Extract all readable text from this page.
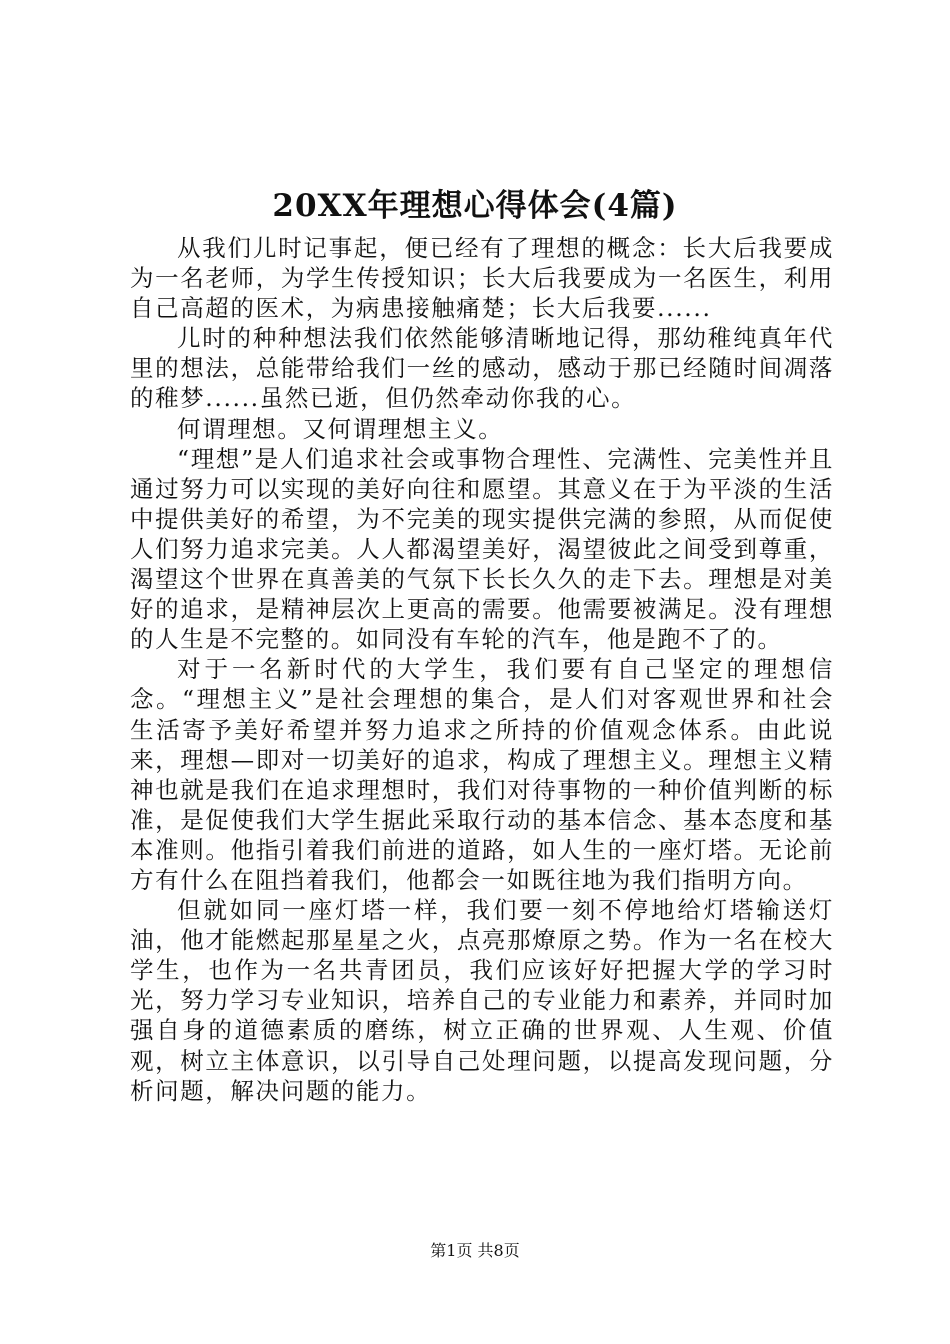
20XX年理想心得体会(4篇)

从我们儿时记事起，便已经有了理想的概念：长大后我要成为一名老师，为学生传授知识；长大后我要成为一名医生，利用自己高超的医术，为病患接触痛楚；长大后我要......

儿时的种种想法我们依然能够清晰地记得，那幼稚纯真年代里的想法，总能带给我们一丝的感动，感动于那已经随时间凋落的稚梦......虽然已逝，但仍然牵动你我的心。

何谓理想。又何谓理想主义。

“理想”是人们追求社会或事物合理性、完满性、完美性并且通过努力可以实现的美好向往和愿望。其意义在于为平淡的生活中提供美好的希望，为不完美的现实提供完满的参照，从而促使人们努力追求完美。人人都渴望美好，渴望彼此之间受到尊重，渴望这个世界在真善美的气氛下长长久久的走下去。理想是对美好的追求，是精神层次上更高的需要。他需要被满足。没有理想的人生是不完整的。如同没有车轮的汽车，他是跑不了的。

对于一名新时代的大学生，我们要有自己坚定的理想信念。“理想主义”是社会理想的集合，是人们对客观世界和社会生活寄予美好希望并努力追求之所持的价值观念体系。由此说来，理想—即对一切美好的追求，构成了理想主义。理想主义精神也就是我们在追求理想时，我们对待事物的一种价值判断的标准，是促使我们大学生据此采取行动的基本信念、基本态度和基本准则。他指引着我们前进的道路，如人生的一座灯塔。无论前方有什么在阻挡着我们，他都会一如既往地为我们指明方向。

但就如同一座灯塔一样，我们要一刻不停地给灯塔输送灯油，他才能燃起那星星之火，点亮那燎原之势。作为一名在校大学生，也作为一名共青团员，我们应该好好把握大学的学习时光，努力学习专业知识，培养自己的专业能力和素养，并同时加强自身的道德素质的磨练，树立正确的世界观、人生观、价值观，树立主体意识，以引导自己处理问题，以提高发现问题，分析问题，解决问题的能力。

第1页 共8页
